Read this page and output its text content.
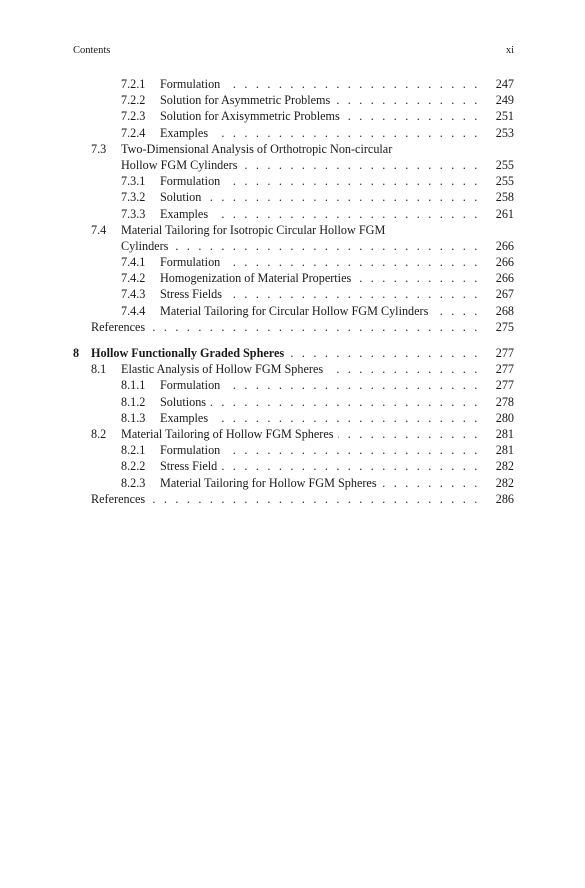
Contents	xi
7.2.1 . . . Formulation	247
7.2.2 . . . Solution for Asymmetric Problems	249
7.2.3 . . . Solution for Axisymmetric Problems	251
7.2.4 . . . Examples	253
7.3 Two-Dimensional Analysis of Orthotropic Non-circular
. . .
Hollow FGM Cylinders	255
7.3.1 . . . Formulation	255
7.3.2 . . . Solution	258
7.3.3 . . . Examples	261
7.4 Material Tailoring for Isotropic Circular Hollow FGM
. . .
Cylinders	266
7.4.1 . . . Formulation	266
7.4.2 . . . Homogenization of Material Properties	266
7.4.3 . . . Stress Fields	267
7.4.4 . . . Material Tailoring for Circular Hollow FGM Cylinders	268
. . .
References	275
8 . . . Hollow Functionally Graded Spheres	277
8.1 . . . Elastic Analysis of Hollow FGM Spheres	277
8.1.1 . . . Formulation	277
8.1.2 . . . Solutions	278
8.1.3 . . . Examples	280
8.2 . . . Material Tailoring of Hollow FGM Spheres	281
8.2.1 . . . Formulation	281
8.2.2 . . . Stress Field	282
8.2.3 . . . Material Tailoring for Hollow FGM Spheres	282
. . .
References	286
